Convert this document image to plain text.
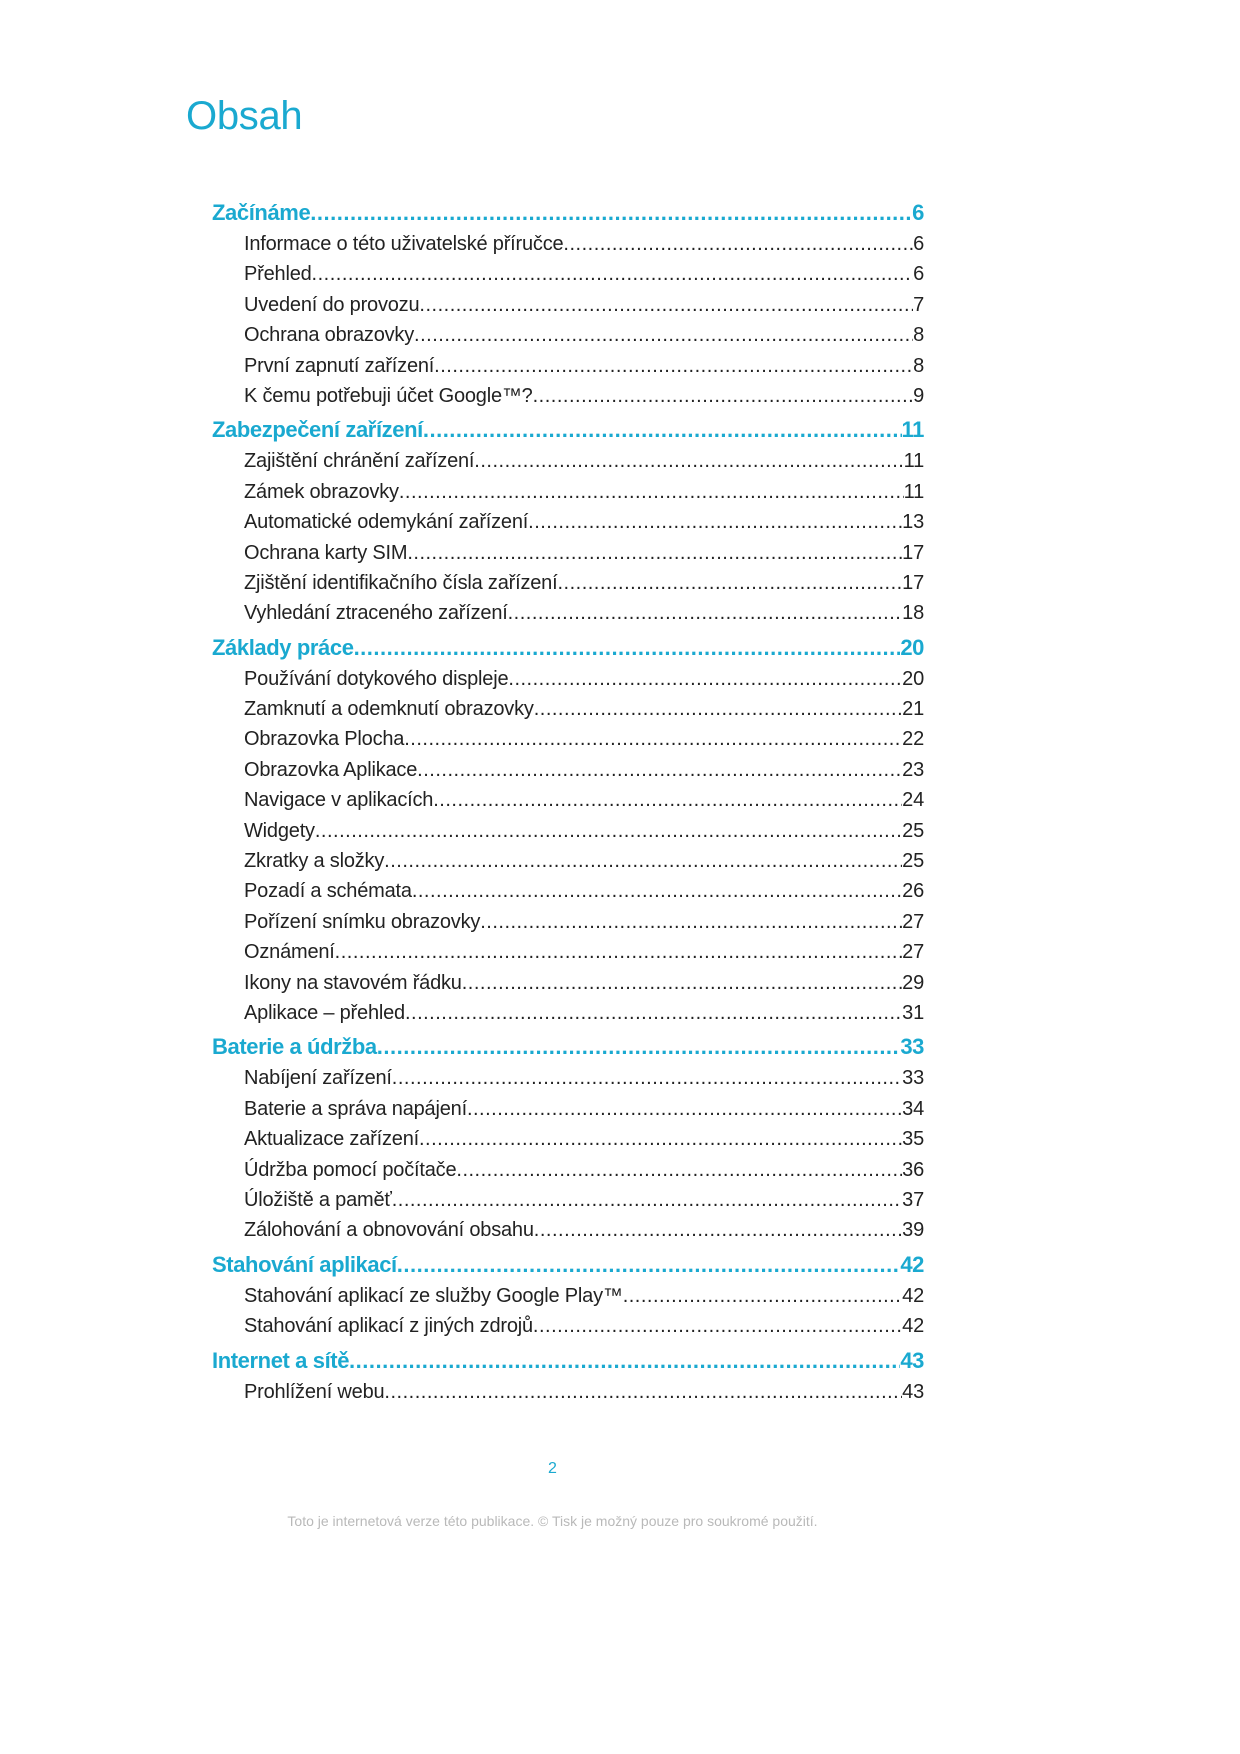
Obsah
Začínáme .....	6
Informace o této uživatelské příručce .....	6
Přehled .....	6
Uvedení do provozu .....	7
Ochrana obrazovky .....	8
První zapnutí zařízení .....	8
K čemu potřebuji účet Google™? .....	9
Zabezpečení zařízení .....	11
Zajištění chránění zařízení .....	11
Zámek obrazovky .....	11
Automatické odemykání zařízení .....	13
Ochrana karty SIM .....	17
Zjištění identifikačního čísla zařízení .....	17
Vyhledání ztraceného zařízení .....	18
Základy práce .....	20
Používání dotykového displeje .....	20
Zamknutí a odemknutí obrazovky .....	21
Obrazovka Plocha .....	22
Obrazovka Aplikace .....	23
Navigace v aplikacích .....	24
Widgety .....	25
Zkratky a složky .....	25
Pozadí a schémata .....	26
Pořízení snímku obrazovky .....	27
Oznámení .....	27
Ikony na stavovém řádku .....	29
Aplikace – přehled .....	31
Baterie a údržba .....	33
Nabíjení zařízení .....	33
Baterie a správa napájení .....	34
Aktualizace zařízení .....	35
Údržba pomocí počítače .....	36
Úložiště a paměť .....	37
Zálohování a obnovování obsahu .....	39
Stahování aplikací .....	42
Stahování aplikací ze služby Google Play™ .....	42
Stahování aplikací z jiných zdrojů .....	42
Internet a sítě .....	43
Prohlížení webu .....	43
2
Toto je internetová verze této publikace. © Tisk je možný pouze pro soukromé použití.
